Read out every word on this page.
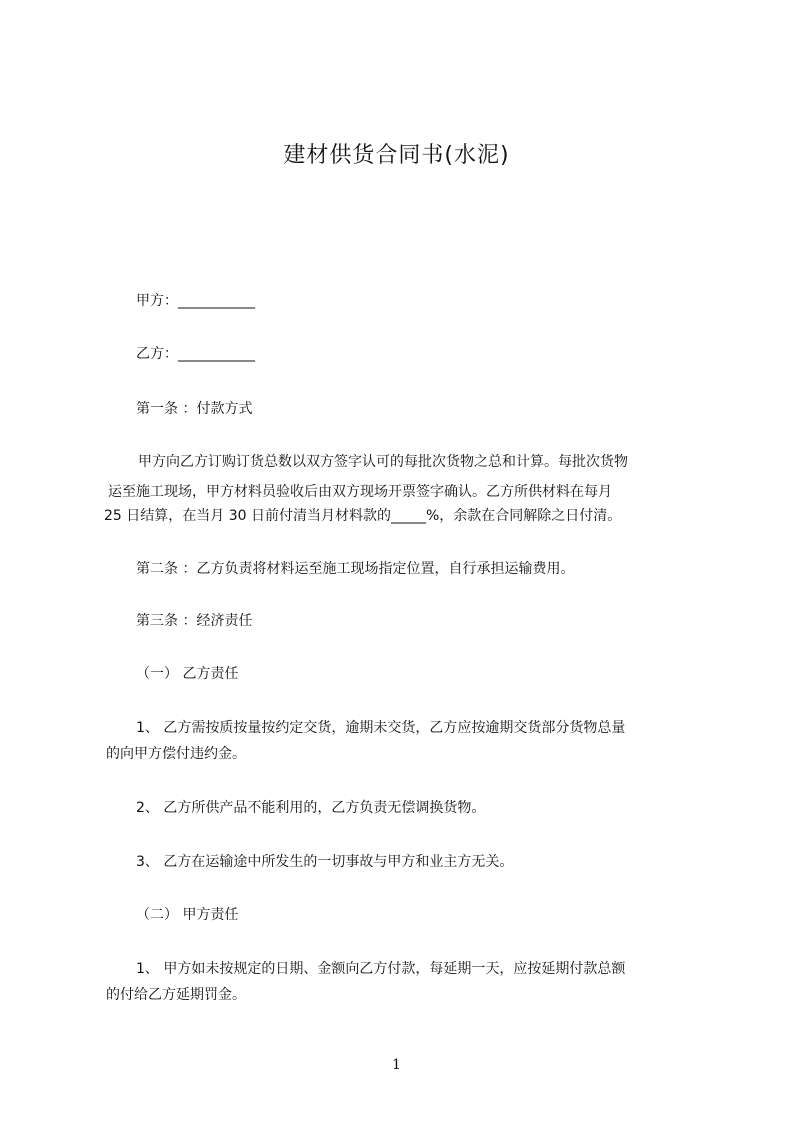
建材供货合同书(水泥)
甲方：___________
乙方：___________
第一条 ：付款方式
甲方向乙方订购订货总数以双方签字认可的每批次货物之总和计算。每批次货物
运至施工现场，甲方材料员验收后由双方现场开票签字确认。乙方所供材料在每月
25 日结算，在当月 30 日前付清当月材料款的_____%，余款在合同解除之日付清。
第二条 ：乙方负责将材料运至施工现场指定位置，自行承担运输费用。
第三条 ：经济责任
（一） 乙方责任
1、 乙方需按质按量按约定交货，逾期未交货，乙方应按逾期交货部分货物总量
的向甲方偿付违约金。
2、 乙方所供产品不能利用的，乙方负责无偿调换货物。
3、 乙方在运输途中所发生的一切事故与甲方和业主方无关。
（二） 甲方责任
1、 甲方如未按规定的日期、金额向乙方付款，每延期一天，应按延期付款总额
的付给乙方延期罚金。
1
